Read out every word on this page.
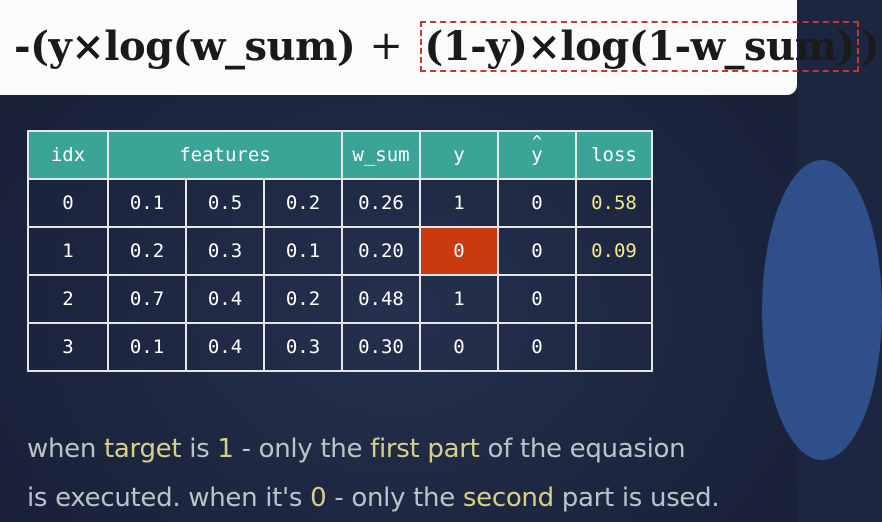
-(y×log(w_sum) + (1-y)×log(1-w_sum) )
idx	features			w_sum	y	^ y	loss
0	0.1	0.5	0.2	0.26	1	0	0.58
1	0.2	0.3	0.1	0.20	0	0	0.09
2	0.7	0.4	0.2	0.48	1	0	
3	0.1	0.4	0.3	0.30	0	0	
when target is 1 - only the first part of the equasion
is executed. when it's 0 - only the second part is used.
